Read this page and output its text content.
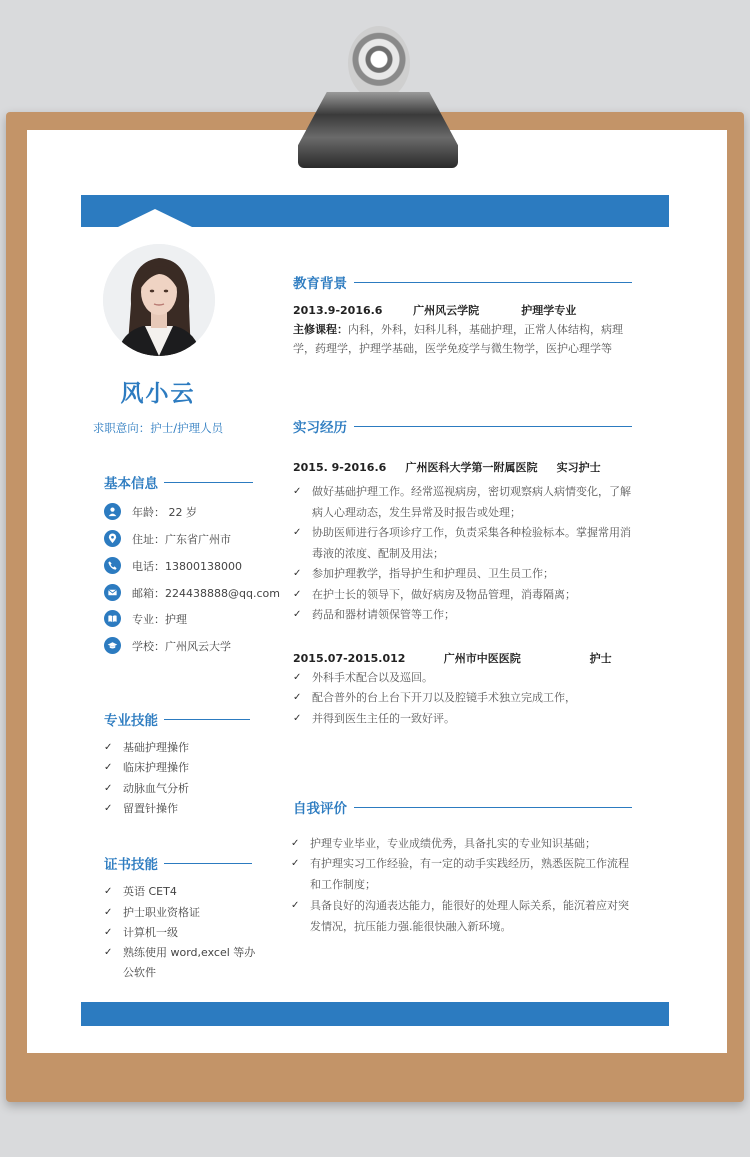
风小云
求职意向：护士/护理人员
基本信息
年龄： 22 岁
住址：广东省广州市
电话：13800138000
邮箱：224438888@qq.com
专业：护理
学校：广州风云大学
专业技能
✓ 基础护理操作
✓ 临床护理操作
✓ 动脉血气分析
✓ 留置针操作
证书技能
✓ 英语 CET4
✓ 护士职业资格证
✓ 计算机一级
✓ 熟练使用 word,excel 等办公软件
教育背景
2013.9-2016.6        广州风云学院           护理学专业
主修课程：内科，外科，妇科儿科，基础护理，正常人体结构，病理学，药理学，护理学基础，医学免疫学与微生物学，医护心理学等
实习经历
2015. 9-2016.6     广州医科大学第一附属医院     实习护士
✓ 做好基础护理工作。经常巡视病房，密切观察病人病情变化，了解病人心理动态，发生异常及时报告或处理；
✓ 协助医师进行各项诊疗工作，负责采集各种检验标本。掌握常用消毒液的浓度、配制及用法；
✓ 参加护理教学，指导护生和护理员、卫生员工作；
✓ 在护士长的领导下，做好病房及物品管理，消毒隔离；
✓ 药品和器材请领保管等工作；
2015.07-2015.012          广州市中医医院                  护士
✓ 外科手术配合以及巡回。
✓ 配合普外的台上台下开刀以及腔镜手术独立完成工作，
✓ 并得到医生主任的一致好评。
自我评价
✓ 护理专业毕业，专业成绩优秀，具备扎实的专业知识基础；
✓ 有护理实习工作经验，有一定的动手实践经历，熟悉医院工作流程和工作制度；
✓ 具备良好的沟通表达能力，能很好的处理人际关系，能沉着应对突发情况，抗压能力强.能很快融入新环境。
